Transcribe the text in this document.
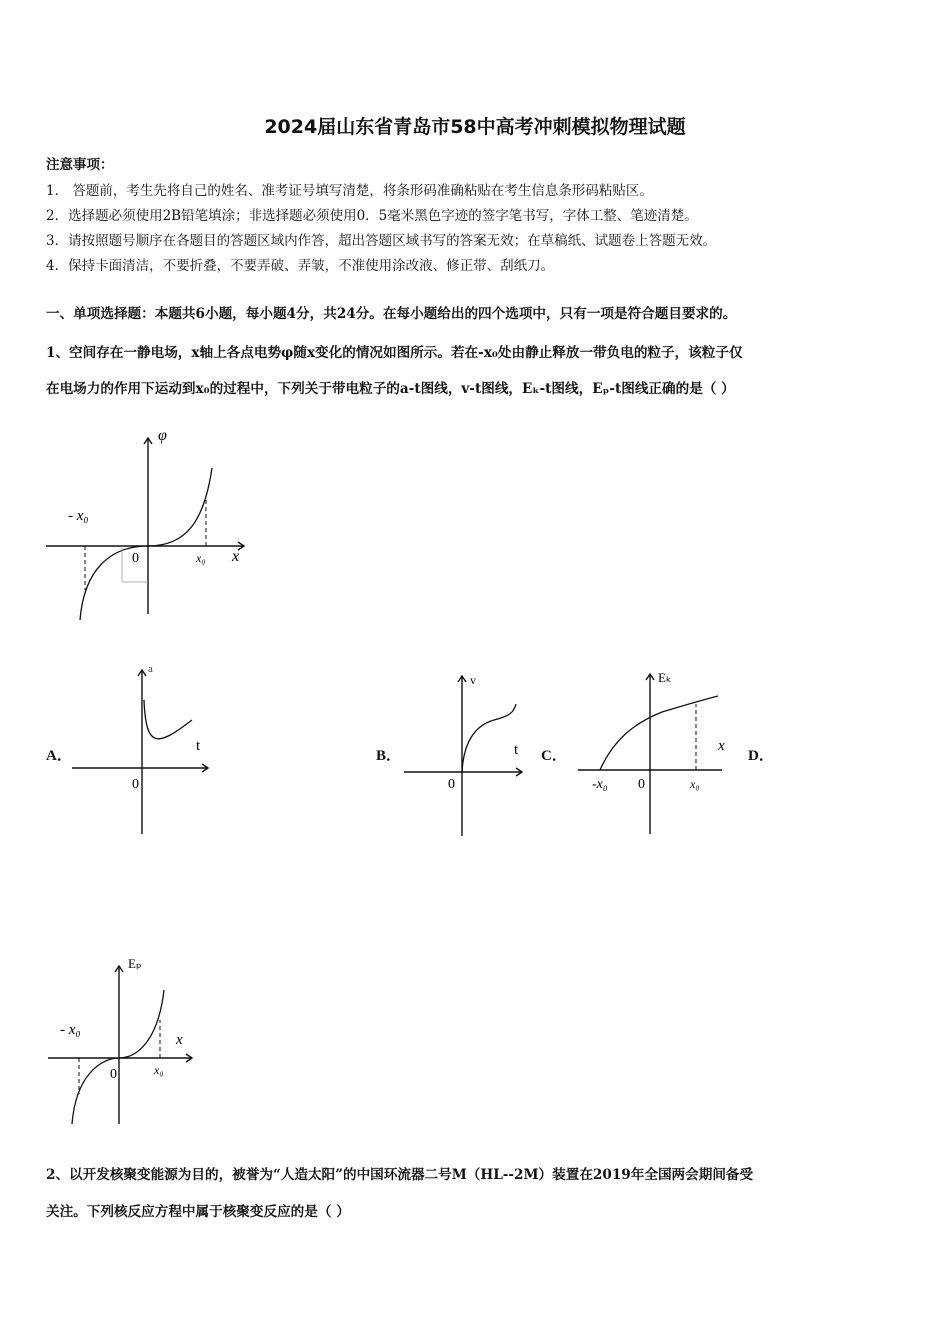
2024届山东省青岛市58中高考冲刺模拟物理试题
注意事项：
1． 答题前，考生先将自己的姓名、准考证号填写清楚，将条形码准确粘贴在考生信息条形码粘贴区。
2．选择题必须使用2B铅笔填涂；非选择题必须使用0．5毫米黑色字迹的签字笔书写，字体工整、笔迹清楚。
3．请按照题号顺序在各题目的答题区域内作答，超出答题区域书写的答案无效；在草稿纸、试题卷上答题无效。
4．保持卡面清洁，不要折叠，不要弄破、弄皱，不准使用涂改液、修正带、刮纸刀。
一、单项选择题：本题共6小题，每小题4分，共24分。在每小题给出的四个选项中，只有一项是符合题目要求的。
1、空间存在一静电场，x轴上各点电势φ随x变化的情况如图所示。若在-x₀处由静止释放一带负电的粒子，该粒子仅
在电场力的作用下运动到x₀的过程中，下列关于带电粒子的a-t图线，v-t图线，Eₖ-t图线，Eₚ-t图线正确的是（ ）
φ
x
- x₀
0	x₀
A．
a
t
0
B．
v
t
0
C．
Eₖ
x
-x₀ 0	x₀
D．
Eₚ
x
- x₀
0	x₀
2、以开发核聚变能源为目的，被誉为“人造太阳”的中国环流器二号M（HL--2M）装置在2019年全国两会期间备受
关注。下列核反应方程中属于核聚变反应的是（ ）
